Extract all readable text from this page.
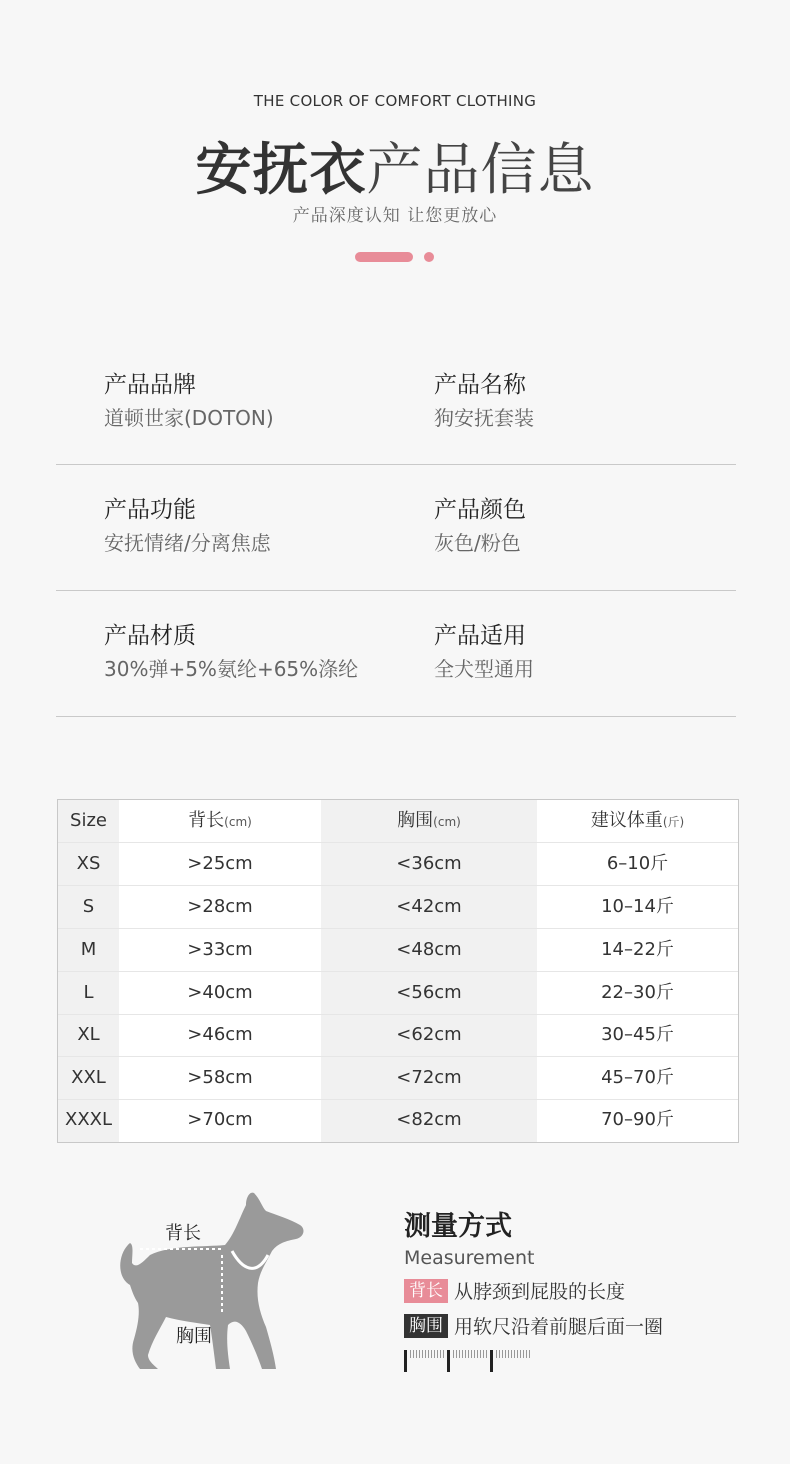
THE COLOR OF COMFORT CLOTHING
安抚衣产品信息
产品深度认知 让您更放心
产品品牌
道顿世家(DOTON)
产品名称
狗安抚套装
产品功能
安抚情绪/分离焦虑
产品颜色
灰色/粉色
产品材质
30%弹+5%氨纶+65%涤纶
产品适用
全犬型通用
Size	背长(cm)	胸围(cm)	建议体重(斤)
XS	>25cm	<36cm	6–10斤
S	>28cm	<42cm	10–14斤
M	>33cm	<48cm	14–22斤
L	>40cm	<56cm	22–30斤
XL	>46cm	<62cm	30–45斤
XXL	>58cm	<72cm	45–70斤
XXXL	>70cm	<82cm	70–90斤
背长
胸围
测量方式
Measurement
背长 从脖颈到屁股的长度
胸围 用软尺沿着前腿后面一圈
